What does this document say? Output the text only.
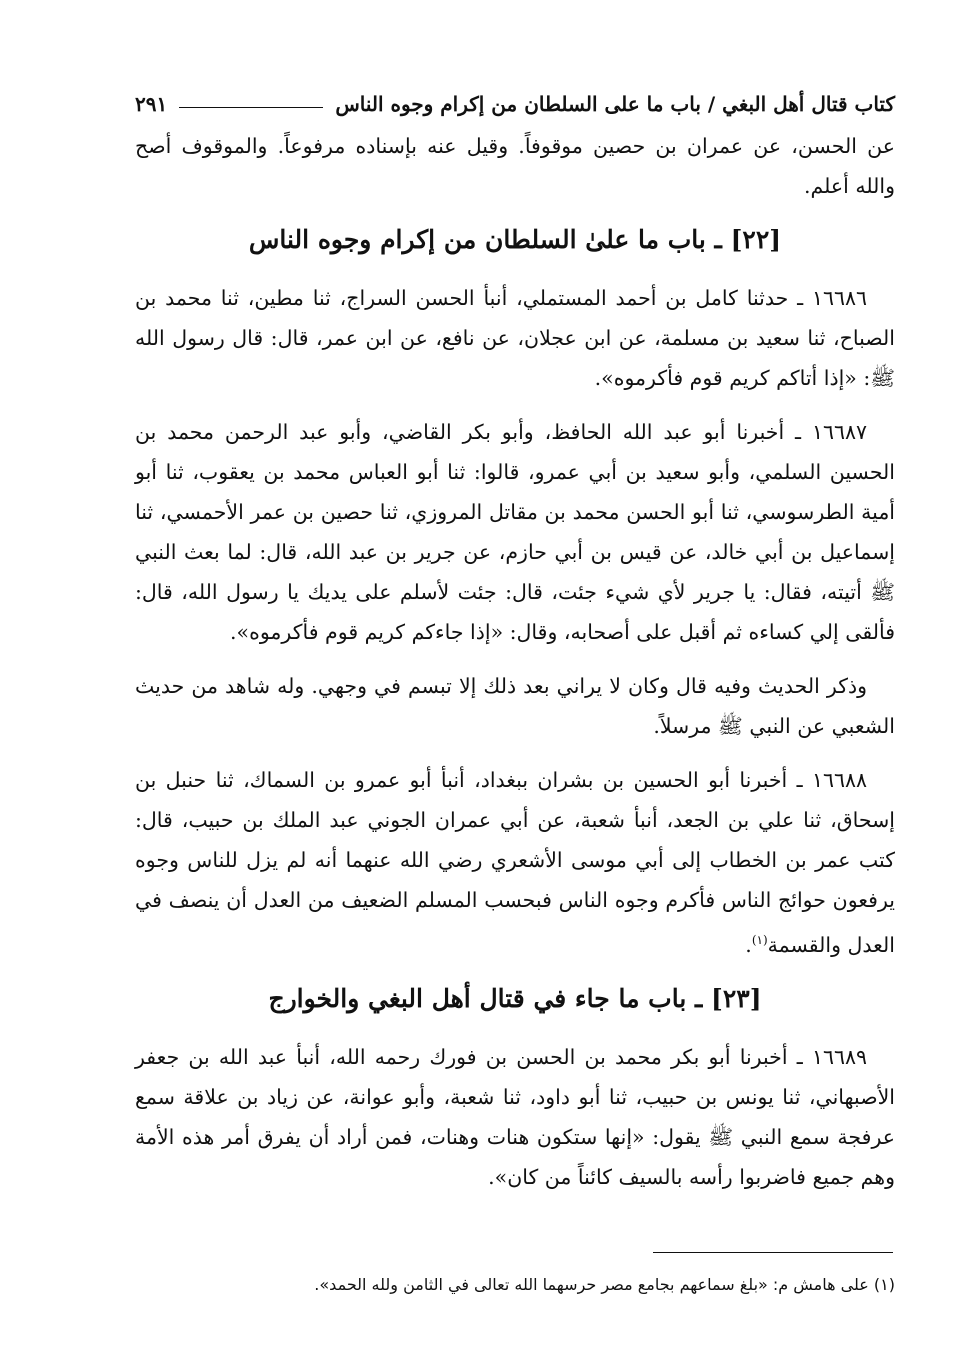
كتاب قتال أهل البغي / باب ما على السلطان من إكرام وجوه الناس
٢٩١

عن الحسن، عن عمران بن حصين موقوفاً. وقيل عنه بإسناده مرفوعاً. والموقوف أصح والله أعلم.

[٢٢] ـ باب ما علىٰ السلطان من إكرام وجوه الناس

١٦٦٨٦ ـ حدثنا كامل بن أحمد المستملي، أنبأ الحسن السراج، ثنا مطين، ثنا محمد بن الصباح، ثنا سعيد بن مسلمة، عن ابن عجلان، عن نافع، عن ابن عمر، قال: قال رسول الله ﷺ: «إذا أتاكم كريم قوم فأكرموه».

١٦٦٨٧ ـ أخبرنا أبو عبد الله الحافظ، وأبو بكر القاضي، وأبو عبد الرحمن محمد بن الحسين السلمي، وأبو سعيد بن أبي عمرو، قالوا: ثنا أبو العباس محمد بن يعقوب، ثنا أبو أمية الطرسوسي، ثنا أبو الحسن محمد بن مقاتل المروزي، ثنا حصين بن عمر الأحمسي، ثنا إسماعيل بن أبي خالد، عن قيس بن أبي حازم، عن جرير بن عبد الله، قال: لما بعث النبي ﷺ أتيته، فقال: يا جرير لأي شيء جئت، قال: جئت لأسلم على يديك يا رسول الله، قال: فألقى إلي كساءه ثم أقبل على أصحابه، وقال: «إذا جاءكم كريم قوم فأكرموه».

وذكر الحديث وفيه قال وكان لا يراني بعد ذلك إلا تبسم في وجهي. وله شاهد من حديث الشعبي عن النبي ﷺ مرسلاً.

١٦٦٨٨ ـ أخبرنا أبو الحسين بن بشران ببغداد، أنبأ أبو عمرو بن السماك، ثنا حنبل بن إسحاق، ثنا علي بن الجعد، أنبأ شعبة، عن أبي عمران الجوني عبد الملك بن حبيب، قال: كتب عمر بن الخطاب إلى أبي موسى الأشعري رضي الله عنهما أنه لم يزل للناس وجوه يرفعون حوائج الناس فأكرم وجوه الناس فبحسب المسلم الضعيف من العدل أن ينصف في العدل والقسمة$^{(١)}$.

[٢٣] ـ باب ما جاء في قتال أهل البغي والخوارج

١٦٦٨٩ ـ أخبرنا أبو بكر محمد بن الحسن بن فورك رحمه الله، أنبأ عبد الله بن جعفر الأصبهاني، ثنا يونس بن حبيب، ثنا أبو داود، ثنا شعبة، وأبو عوانة، عن زياد بن علاقة سمع عرفجة سمع النبي ﷺ يقول: «إنها ستكون هنات وهنات، فمن أراد أن يفرق أمر هذه الأمة وهم جميع فاضربوا رأسه بالسيف كائناً من كان».

(١) على هامش م: «بلغ سماعهم بجامع مصر حرسهما الله تعالى في الثامن ولله الحمد».
